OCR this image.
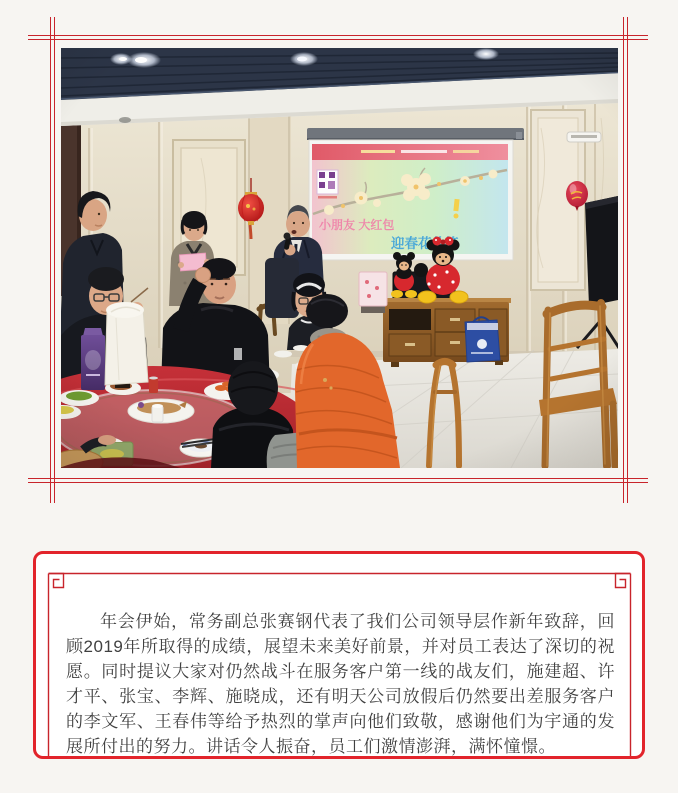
年会伊始，常务副总张赛钢代表了我们公司领导层作新年致辞，回顾2019年所取得的成绩，展望未来美好前景，并对员工表达了深切的祝愿。同时提议大家对仍然战斗在服务客户第一线的战友们，施建超、许才平、张宝、李辉、施晓成，还有明天公司放假后仍然要出差服务客户的李文军、王春伟等给予热烈的掌声向他们致敬，感谢他们为宇通的发展所付出的努力。讲话令人振奋，员工们激情澎湃，满怀憧憬。
